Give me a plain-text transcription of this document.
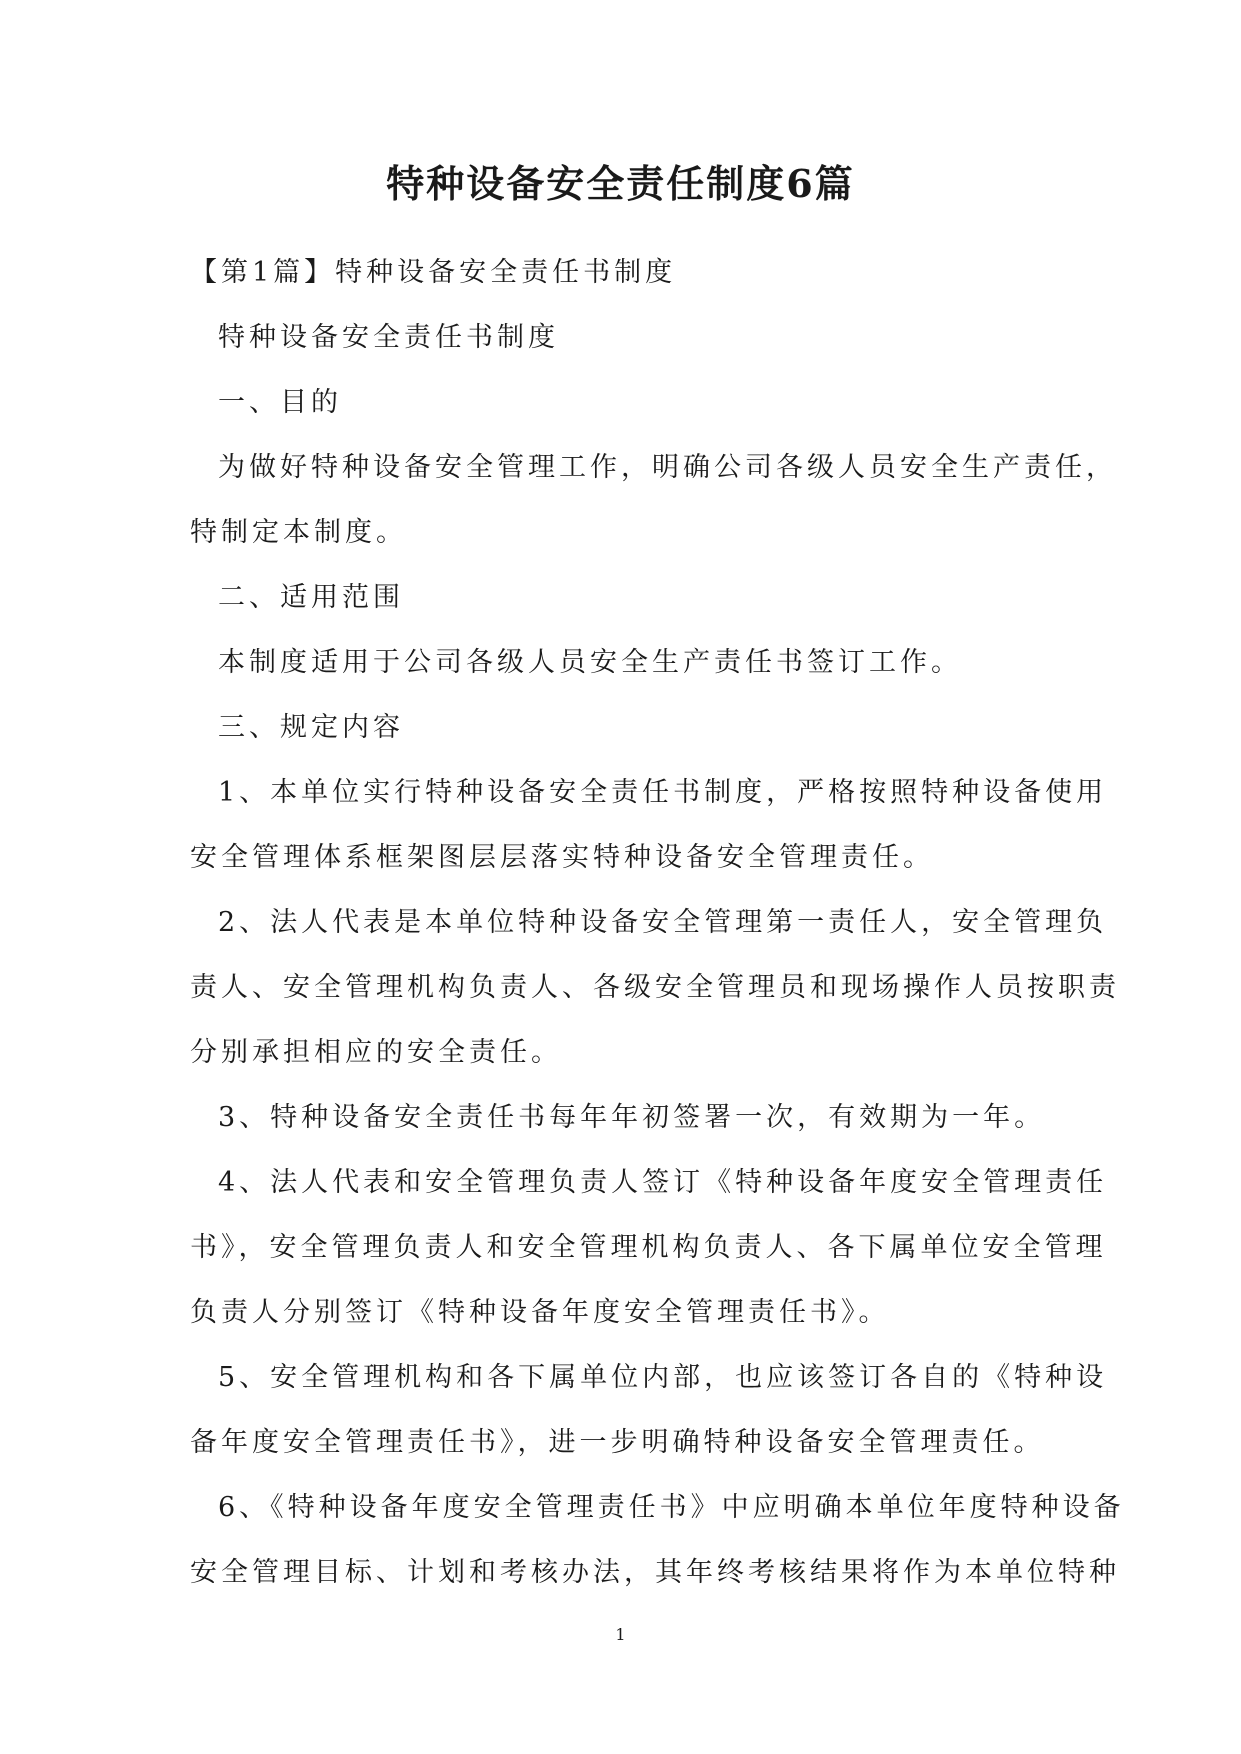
特种设备安全责任制度6篇

【第1篇】特种设备安全责任书制度

特种设备安全责任书制度

一、目的

为做好特种设备安全管理工作，明确公司各级人员安全生产责任，

特制定本制度。

二、适用范围

本制度适用于公司各级人员安全生产责任书签订工作。

三、规定内容

1、本单位实行特种设备安全责任书制度，严格按照特种设备使用

安全管理体系框架图层层落实特种设备安全管理责任。

2、法人代表是本单位特种设备安全管理第一责任人，安全管理负

责人、安全管理机构负责人、各级安全管理员和现场操作人员按职责

分别承担相应的安全责任。

3、特种设备安全责任书每年年初签署一次，有效期为一年。

4、法人代表和安全管理负责人签订《特种设备年度安全管理责任

书》，安全管理负责人和安全管理机构负责人、各下属单位安全管理

负责人分别签订《特种设备年度安全管理责任书》。

5、安全管理机构和各下属单位内部，也应该签订各自的《特种设

备年度安全管理责任书》，进一步明确特种设备安全管理责任。

6、《特种设备年度安全管理责任书》中应明确本单位年度特种设备

安全管理目标、计划和考核办法，其年终考核结果将作为本单位特种

1
